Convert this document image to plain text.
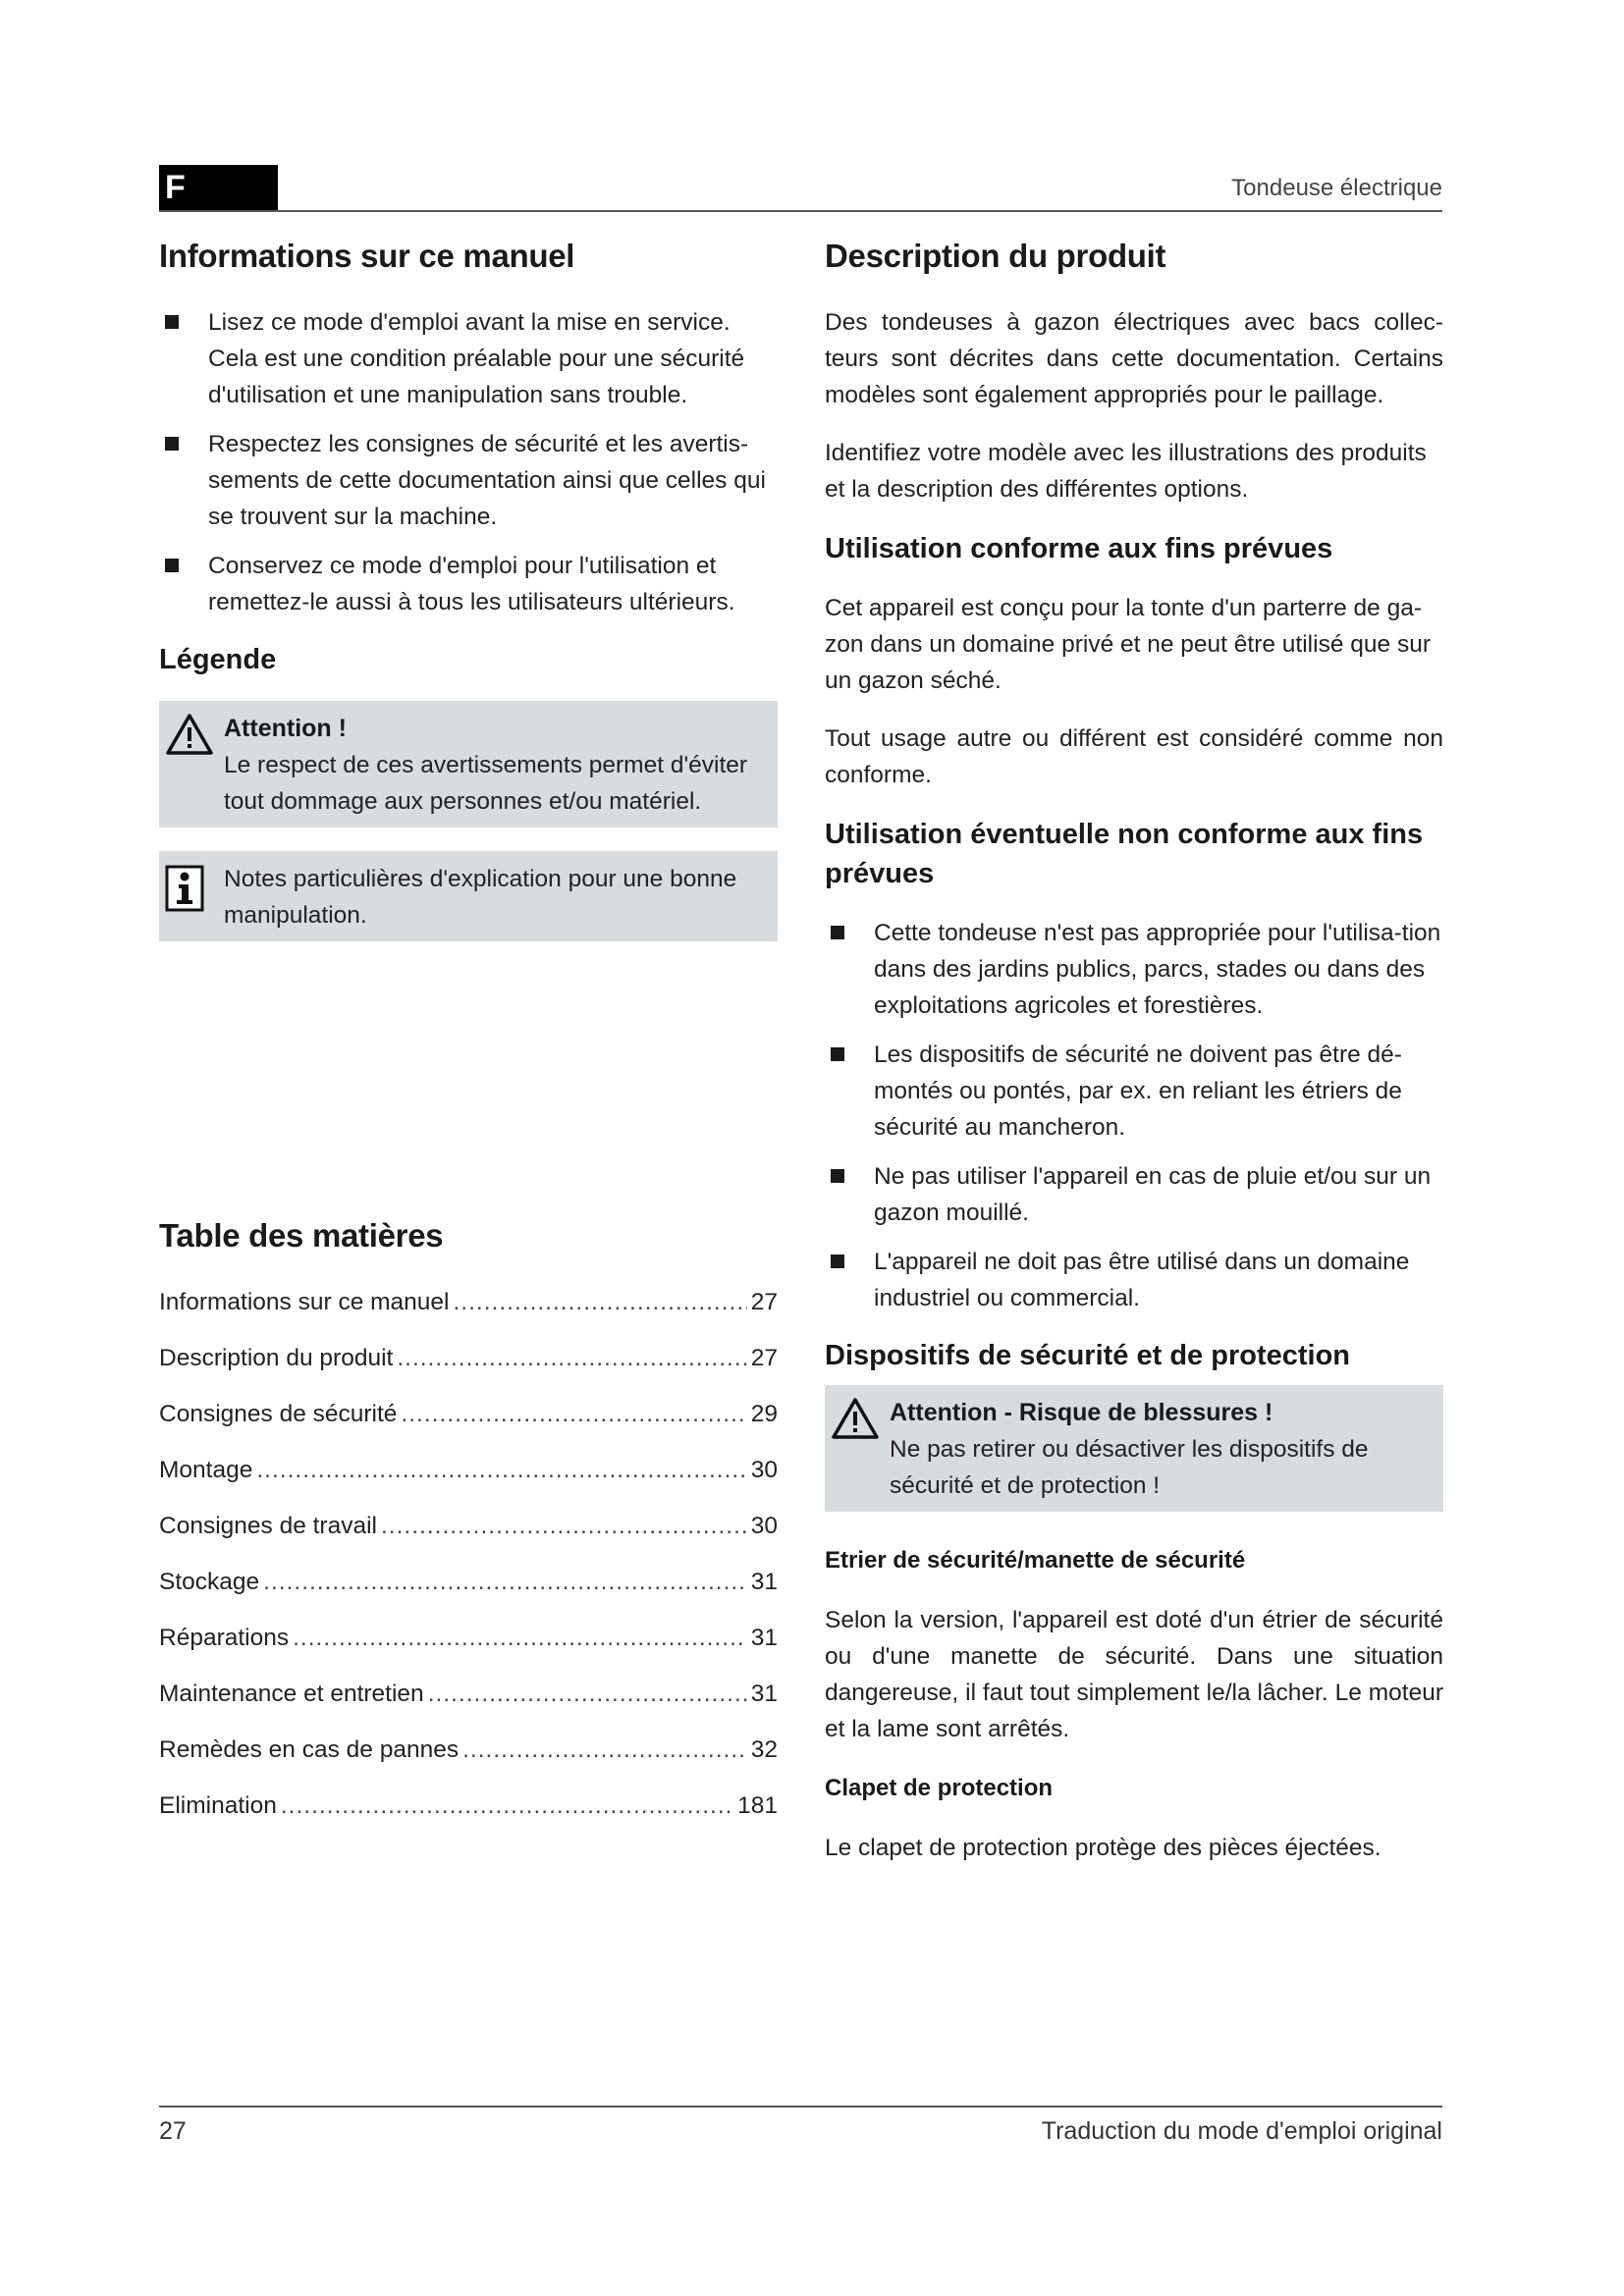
F	Tondeuse électrique
Informations sur ce manuel
Lisez ce mode d'emploi avant la mise en service. Cela est une condition préalable pour une sécurité d'utilisation et une manipulation sans trouble.
Respectez les consignes de sécurité et les avertis-sements de cette documentation ainsi que celles qui se trouvent sur la machine.
Conservez ce mode d'emploi pour l'utilisation et remettez-le aussi à tous les utilisateurs ultérieurs.
Légende
Attention !
Le respect de ces avertissements permet d'éviter tout dommage aux personnes et/ou matériel.
Notes particulières d'explication pour une bonne manipulation.
Table des matières
Informations sur ce manuel .....	27
Description du produit .....	27
Consignes de sécurité .....	29
Montage .....	30
Consignes de travail .....	30
Stockage .....	31
Réparations .....	31
Maintenance et entretien .....	31
Remèdes en cas de pannes .....	32
Elimination .....	181
Description du produit

Des tondeuses à gazon électriques avec bacs collec-teurs sont décrites dans cette documentation. Certains modèles sont également appropriés pour le paillage.

Identifiez votre modèle avec les illustrations des produits et la description des différentes options.

Utilisation conforme aux fins prévues

Cet appareil est conçu pour la tonte d'un parterre de ga-zon dans un domaine privé et ne peut être utilisé que sur un gazon séché.

Tout usage autre ou différent est considéré comme non conforme.

Utilisation éventuelle non conforme aux fins prévues
Cette tondeuse n'est pas appropriée pour l'utilisa-tion dans des jardins publics, parcs, stades ou dans des exploitations agricoles et forestières.
Les dispositifs de sécurité ne doivent pas être dé-montés ou pontés, par ex. en reliant les étriers de sécurité au mancheron.
Ne pas utiliser l'appareil en cas de pluie et/ou sur un gazon mouillé.
L'appareil ne doit pas être utilisé dans un domaine industriel ou commercial.
Dispositifs de sécurité et de protection
Attention - Risque de blessures !
Ne pas retirer ou désactiver les dispositifs de sécurité et de protection !
Etrier de sécurité/manette de sécurité

Selon la version, l'appareil est doté d'un étrier de sécurité ou d'une manette de sécurité. Dans une situation dangereuse, il faut tout simplement le/la lâcher. Le moteur et la lame sont arrêtés.

Clapet de protection

Le clapet de protection protège des pièces éjectées.

27	Traduction du mode d'emploi original
